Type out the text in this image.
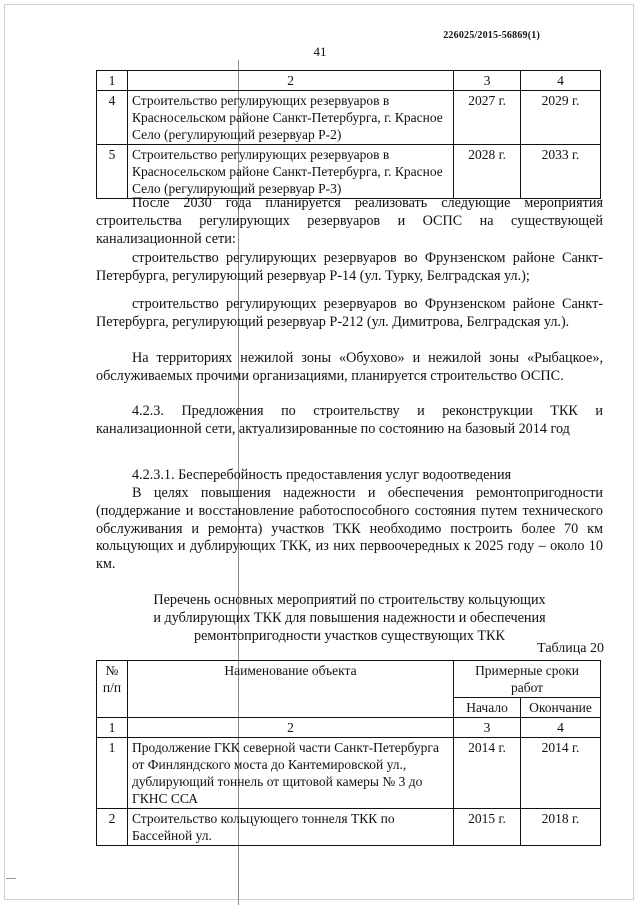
226025/2015-56869(1)
41
1	2	3	4
4	Строительство регулирующих резервуаров в Красносельском районе Санкт-Петербурга, г. Красное Село (регулирующий резервуар Р-2)	2027 г.	2029 г.
5	Строительство регулирующих резервуаров в Красносельском районе Санкт-Петербурга, г. Красное Село (регулирующий резервуар Р-3)	2028 г.	2033 г.
После 2030 года планируется реализовать следующие мероприятия строительства регулирующих резервуаров и ОСПС на существующей канализационной сети:
строительство регулирующих резервуаров во Фрунзенском районе Санкт-Петербурга, регулирующий резервуар Р-14 (ул. Турку, Белградская ул.);
строительство регулирующих резервуаров во Фрунзенском районе Санкт-Петербурга, регулирующий резервуар Р-212 (ул. Димитрова, Белградская ул.).
На территориях нежилой зоны «Обухово» и нежилой зоны «Рыбацкое», обслуживаемых прочими организациями, планируется строительство ОСПС.
4.2.3. Предложения по строительству и реконструкции ТКК и канализационной сети, актуализированные по состоянию на базовый 2014 год
4.2.3.1. Бесперебойность предоставления услуг водоотведения
В целях повышения надежности и обеспечения ремонтопригодности (поддержание и восстановление работоспособного состояния путем технического обслуживания и ремонта) участков ТКК необходимо построить более 70 км кольцующих и дублирующих ТКК, из них первоочередных к 2025 году – около 10 км.
Перечень основных мероприятий по строительству кольцующих
и дублирующих ТКК для повышения надежности и обеспечения
ремонтопригодности участков существующих ТКК
Таблица 20
№ п/п	Наименование объекта	Примерные сроки работ	
		Начало	Окончание
1	2	3	4
1	Продолжение ГКК северной части Санкт-Петербурга от Финляндского моста до Кантемировской ул., дублирующий тоннель от щитовой камеры № 3 до ГКНС ССА	2014 г.	2014 г.
2	Строительство кольцующего тоннеля ТКК по Бассейной ул.	2015 г.	2018 г.
